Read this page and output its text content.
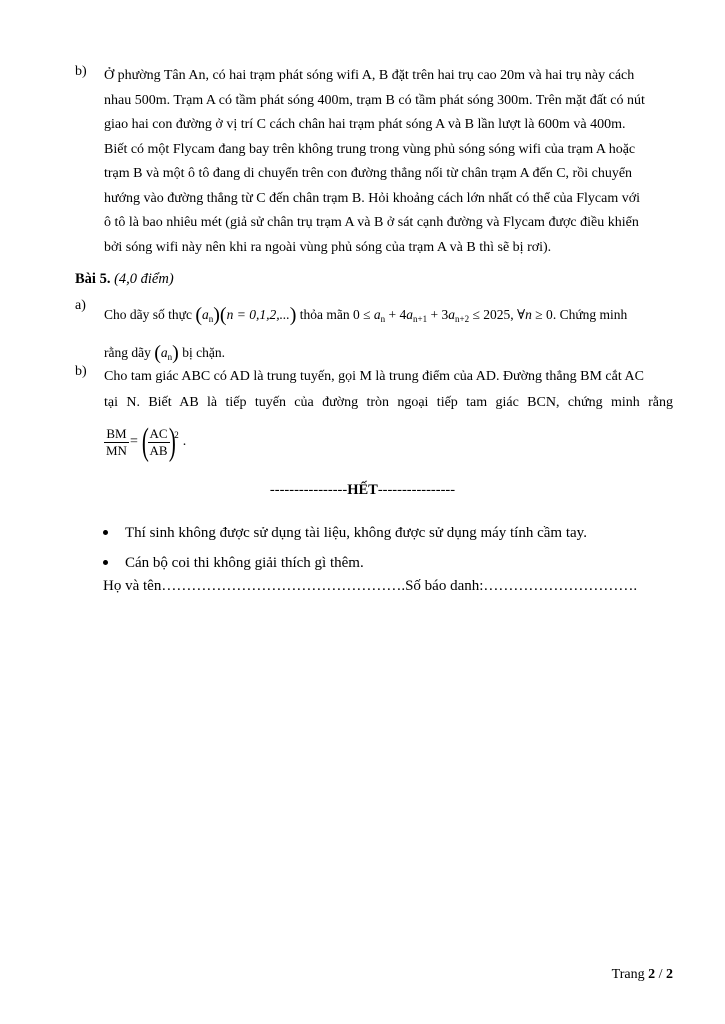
b)	Ở phường Tân An, có hai trạm phát sóng wifi A, B đặt trên hai trụ cao 20m và hai trụ này cách

nhau 500m. Trạm A có tầm phát sóng 400m, trạm B có tầm phát sóng 300m. Trên mặt đất có nút

giao hai con đường ở vị trí C cách chân hai trạm phát sóng A và B lần lượt là 600m và 400m.

Biết có một Flycam đang bay trên không trung trong vùng phủ sóng sóng wifi của trạm A hoặc

trạm B và một ô tô đang di chuyển trên con đường thẳng nối từ chân trạm A đến C, rồi chuyển

hướng vào đường thẳng từ C đến chân trạm B. Hỏi khoảng cách lớn nhất có thể của Flycam với

ô tô là bao nhiêu mét (giả sử chân trụ trạm A và B ở sát cạnh đường và Flycam được điều khiển

bởi sóng wifi này nên khi ra ngoài vùng phủ sóng của trạm A và B thì sẽ bị rơi).

Bài 5. (4,0 điểm)
a)

Cho dãy số thực $(a_n)(n = 0,1,2,...)$ thỏa mãn $0 \le a_n + 4a_{n+1} + 3a_{n+2} \le 2025$, ∀n ≥ 0. Chứng minh

rằng dãy $(a_n)$ bị chặn.

b)	Cho tam giác ABC có AD là trung tuyến, gọi M là trung điểm của AD. Đường thẳng BM cắt AC

tại N. Biết AB là tiếp tuyến của đường tròn ngoại tiếp tam giác BCN, chứng minh rằng

$\frac{BM}{MN}$ = (
$\frac{AC}{AB}$
)
2 .
----------------HẾT----------------
Thí sinh không được sử dụng tài liệu, không được sử dụng máy tính cầm tay.
Cán bộ coi thi không giải thích gì thêm.
Họ và tên………………………………………….Số báo danh:………………………….
Trang 2 / 2
